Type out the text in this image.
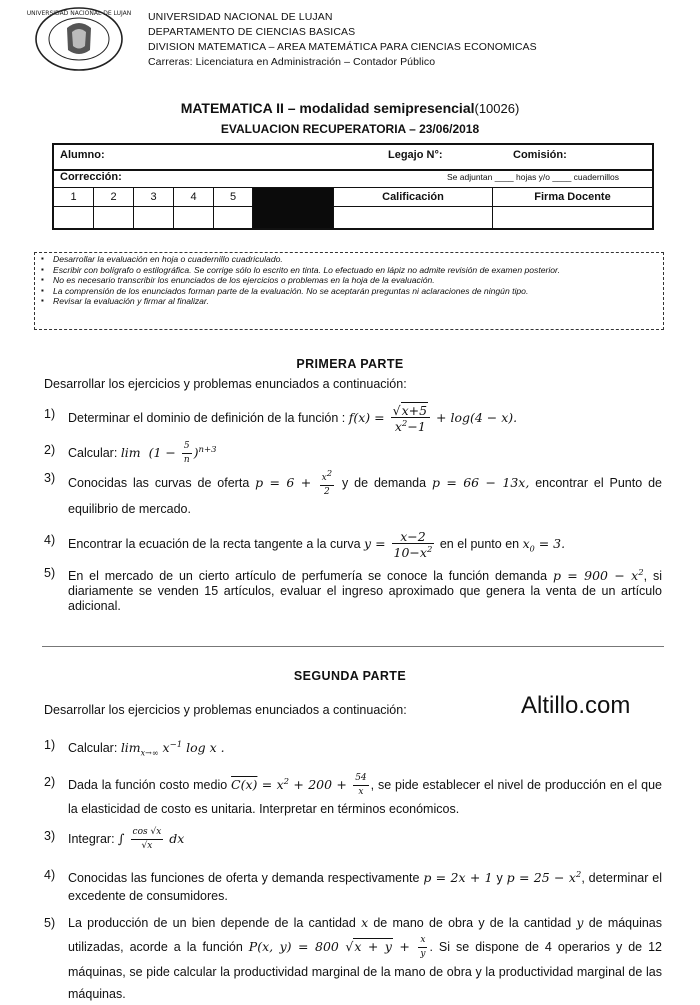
UNIVERSIDAD NACIONAL DE LUJAN UNIVERSIDAD NACIONAL DE LUJAN
DEPARTAMENTO DE CIENCIAS BASICAS
DIVISION MATEMATICA – AREA MATEMÁTICA PARA CIENCIAS ECONOMICAS
Carreras: Licenciatura en Administración – Contador Público
MATEMATICA II – modalidad semipresencial(10026)
EVALUACION RECUPERATORIA – 23/06/2018
Alumno:	Legajo N°:	Comisión:
Corrección:	Se adjuntan ____ hojas y/o ____ cuadernillos
1	2	3	4	5	Calificación	Firma Docente
▪ Desarrollar la evaluación en hoja o cuadernillo cuadriculado.
▪ Escribir con bolígrafo o estilográfica. Se corrige sólo lo escrito en tinta. Lo efectuado en lápiz no admite revisión de examen posterior.
▪ No es necesario transcribir los enunciados de los ejercicios o problemas en la hoja de la evaluación.
▪ La comprensión de los enunciados forman parte de la evaluación. No se aceptarán preguntas ni aclaraciones de ningún tipo.
▪ Revisar la evaluación y firmar al finalizar.
PRIMERA PARTE
Desarrollar los ejercicios y problemas enunciados a continuación:
1) Determinar el dominio de definición de la función : $f(x) = \frac{√x+5}{x^2-1} + \log(4 - x)$.
2) Calcular: $\lim (1 - \frac{5}{n} )^{n+3}$
3) Conocidas las curvas de oferta $p = 6 + \frac{x^2}{2}$ y de demanda p = 66 − 13x, encontrar el Punto de equilibrio de mercado.
4) Encontrar la ecuación de la recta tangente a la curva $y = \frac{x-2}{10-x^2}$ en el punto en $x_0 = 3$.
5) En el mercado de un cierto artículo de perfumería se conoce la función demanda $p = 900 - x^2$, si diariamente se venden 15 artículos, evaluar el ingreso aproximado que genera la venta de un artículo adicional.
SEGUNDA PARTE
Desarrollar los ejercicios y problemas enunciados a continuación:	Altillo.com
1) Calcular: $\lim_{x\to\infty} x^{-1}$ log x .
2) Dada la función costo medio $C(x) = x^2 + 200 + \frac{54}{x}$ , se pide establecer el nivel de producción en el que la elasticidad de costo es unitaria. Interpretar en términos económicos.
3) Integrar: ∫ $\frac{\cos √x}{√x}$ dx
4) Conocidas las funciones de oferta y demanda respectivamente p = 2x + 1 y $p = 25 - x^2$, determinar el excedente de consumidores.
5) La producción de un bien depende de la cantidad x de mano de obra y de la cantidad y de máquinas utilizadas, acorde a la función P(x, y) = 800 $√x + y + \frac{x}{y}$ . Si se dispone de 4 operarios y de 12 máquinas, se pide calcular la productividad marginal de la mano de obra y la productividad marginal de las máquinas.
